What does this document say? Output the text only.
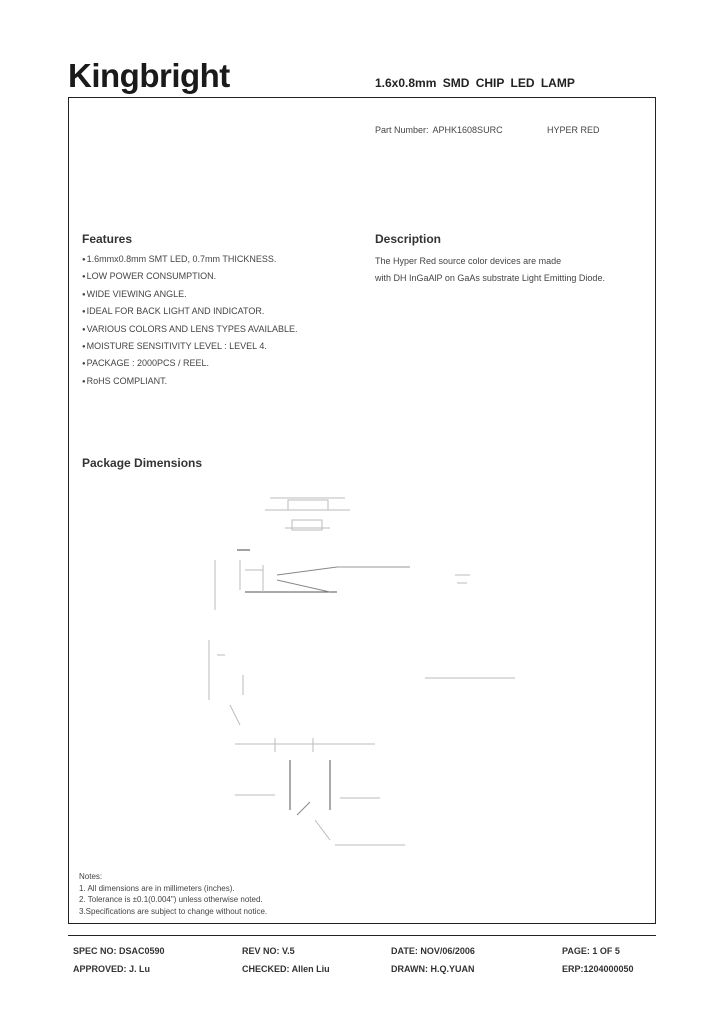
Kingbright	1.6x0.8mm SMD CHIP LED LAMP
Part Number: APHK1608SURC	HYPER RED
Features
● 1.6mmx0.8mm SMT LED, 0.7mm THICKNESS.
● LOW POWER CONSUMPTION.
● WIDE VIEWING ANGLE.
● IDEAL FOR BACK LIGHT AND INDICATOR.
● VARIOUS COLORS AND LENS TYPES AVAILABLE.
● MOISTURE SENSITIVITY LEVEL : LEVEL 4.
● PACKAGE : 2000PCS / REEL.
● RoHS COMPLIANT.
Description
The Hyper Red source color devices are made
with DH InGaAlP on GaAs substrate Light Emitting Diode.
Package Dimensions
Notes:
1. All dimensions are in millimeters (inches).
2. Tolerance is ±0.1(0.004") unless otherwise noted.
3.Specifications are subject to change without notice.
SPEC NO: DSAC0590	REV NO: V.5	DATE: NOV/06/2006	PAGE: 1 OF 5
APPROVED: J. Lu	CHECKED: Allen Liu	DRAWN: H.Q.YUAN	ERP:1204000050
